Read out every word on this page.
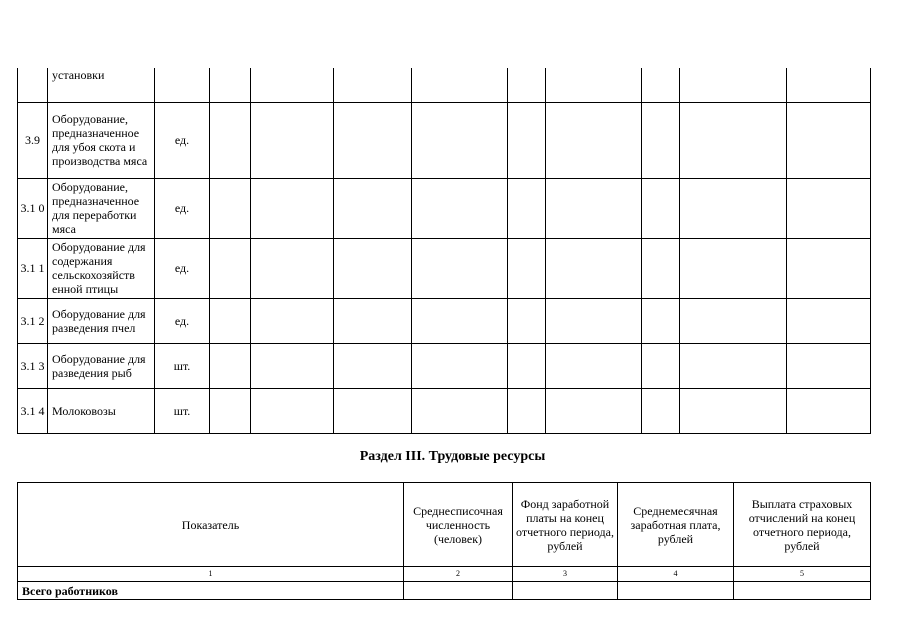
	установки										
3.9	Оборудование, предназначенное для убоя скота и производства мяса	ед.									
3.1 0	Оборудование, предназначенное для переработки мяса	ед.									
3.1 1	Оборудование для содержания сельскохозяйств енной птицы	ед.									
3.1 2	Оборудование для разведения пчел	ед.									
3.1 3	Оборудование для разведения рыб	шт.									
3.1 4	Молоковозы	шт.									
Раздел III. Трудовые ресурсы
Показатель	Среднесписочная численность (человек)	Фонд заработной платы на конец отчетного периода, рублей	Среднемесячная заработная плата, рублей	Выплата страховых отчислений на конец отчетного периода, рублей
1	2	3	4	5
Всего работников				
